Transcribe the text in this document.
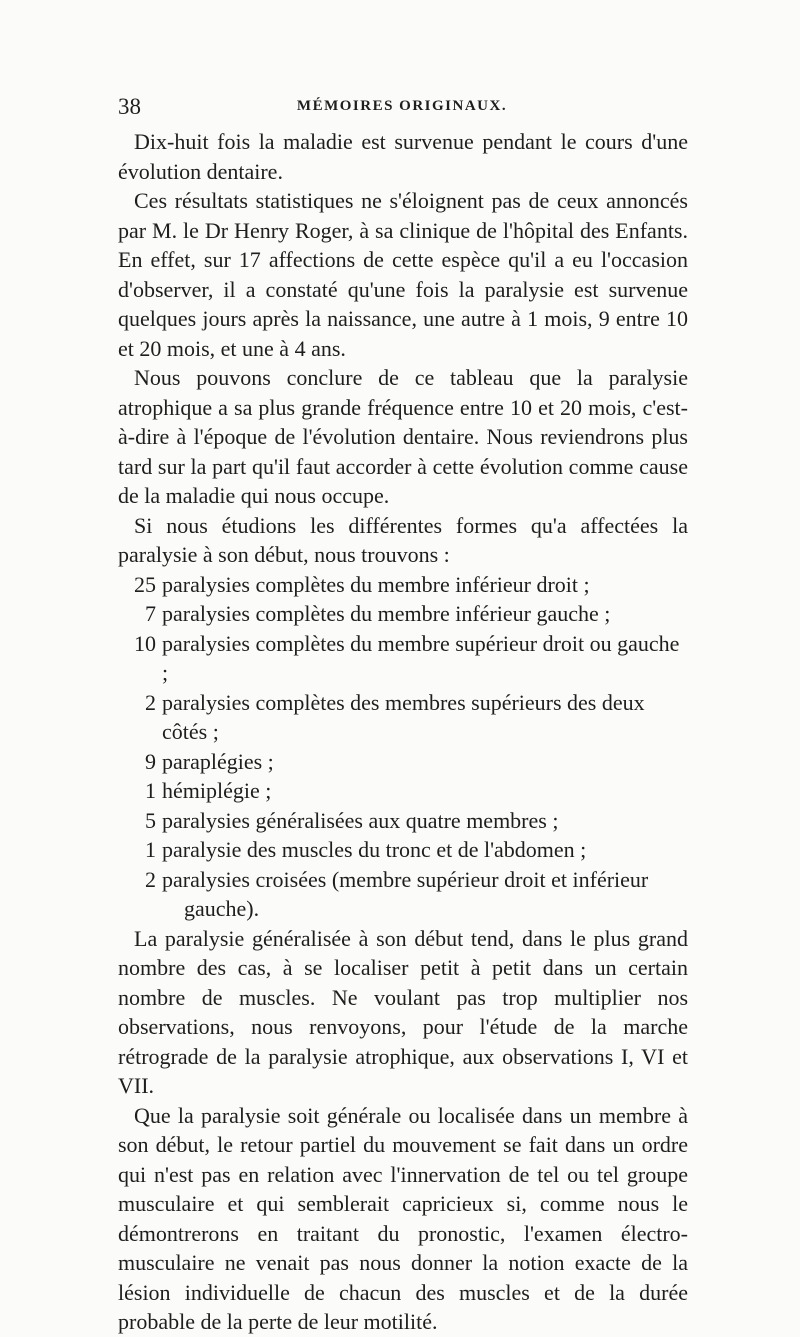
38	MÉMOIRES ORIGINAUX.

Dix-huit fois la maladie est survenue pendant le cours d'une évolution dentaire.

Ces résultats statistiques ne s'éloignent pas de ceux annoncés par M. le Dr Henry Roger, à sa clinique de l'hôpital des Enfants. En effet, sur 17 affections de cette espèce qu'il a eu l'occasion d'observer, il a constaté qu'une fois la paralysie est survenue quelques jours après la naissance, une autre à 1 mois, 9 entre 10 et 20 mois, et une à 4 ans.

Nous pouvons conclure de ce tableau que la paralysie atrophique a sa plus grande fréquence entre 10 et 20 mois, c'est-à-dire à l'époque de l'évolution dentaire. Nous reviendrons plus tard sur la part qu'il faut accorder à cette évolution comme cause de la maladie qui nous occupe.

Si nous étudions les différentes formes qu'a affectées la paralysie à son début, nous trouvons :

25 paralysies complètes du membre inférieur droit ;
7 paralysies complètes du membre inférieur gauche ;
10 paralysies complètes du membre supérieur droit ou gauche ;
2 paralysies complètes des membres supérieurs des deux côtés ;
9 paraplégies ;
1 hémiplégie ;
5 paralysies généralisées aux quatre membres ;
1 paralysie des muscles du tronc et de l'abdomen ;
2 paralysies croisées (membre supérieur droit et inférieur
gauche).

La paralysie généralisée à son début tend, dans le plus grand nombre des cas, à se localiser petit à petit dans un certain nombre de muscles. Ne voulant pas trop multiplier nos observations, nous renvoyons, pour l'étude de la marche rétrograde de la paralysie atrophique, aux observations I, VI et VII.

Que la paralysie soit générale ou localisée dans un membre à son début, le retour partiel du mouvement se fait dans un ordre qui n'est pas en relation avec l'innervation de tel ou tel groupe musculaire et qui semblerait capricieux si, comme nous le démontrerons en traitant du pronostic, l'examen électro-musculaire ne venait pas nous donner la notion exacte de la lésion individuelle de chacun des muscles et de la durée probable de la perte de leur motilité.
